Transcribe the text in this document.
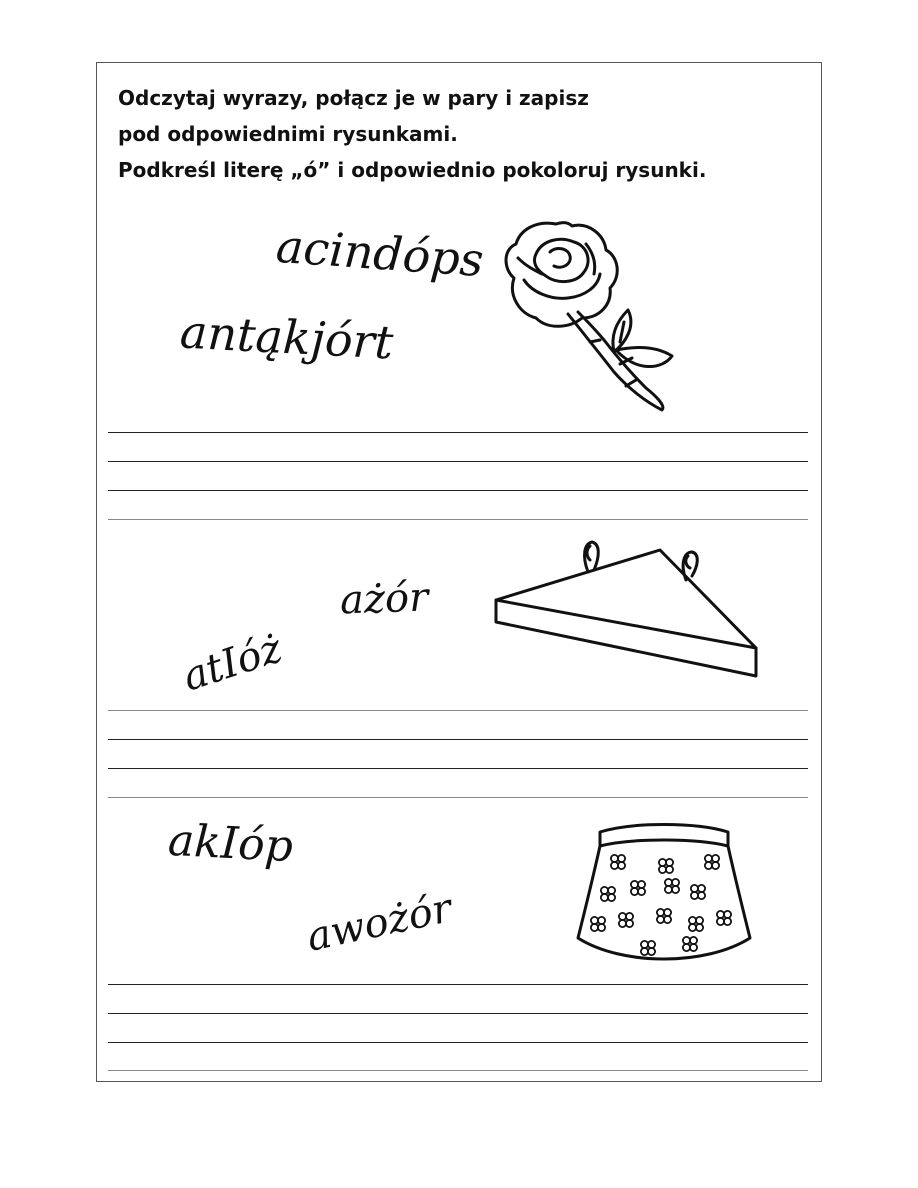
Odczytaj wyrazy, połącz je w pary i zapisz
pod odpowiednimi rysunkami.
Podkreśl literę „ó” i odpowiednio pokoloruj rysunki.
acindóps
antąkjórt
ażór
atIóż
akIóp
awożór
